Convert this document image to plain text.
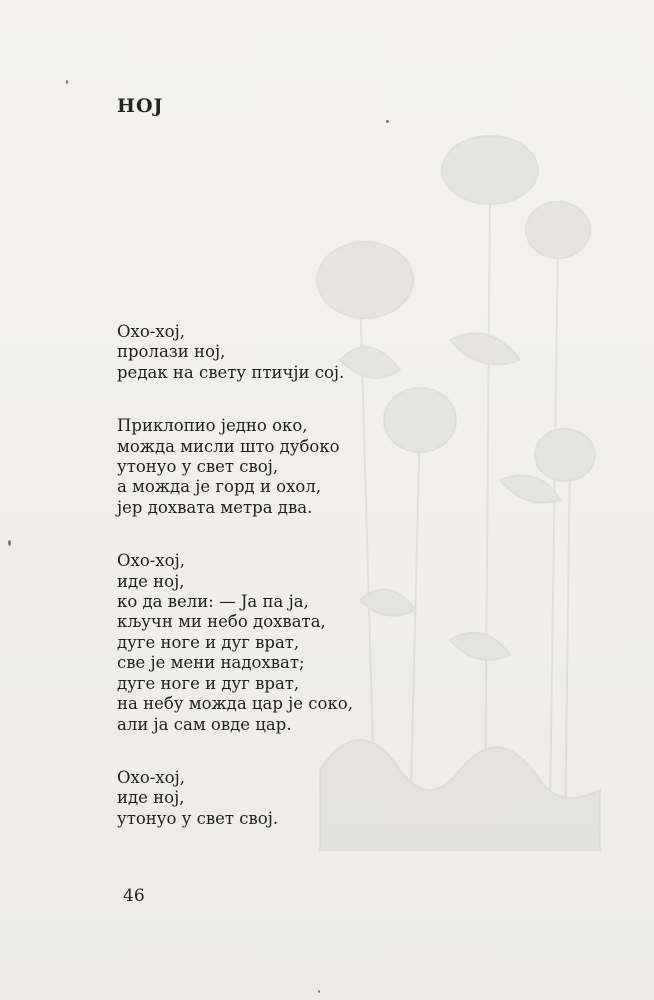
НОЈ

Охо-хој,
пролази ној,
редак на свету птичји сој.

Приклопио једно око,
можда мисли што дубоко
утонуо у свет свој,
а можда је горд и охол,
јер дохвата метра два.

Охо-хој,
иде ној,
ко да вели: — Ја па ја,
кључн ми небо дохвата,
дуге ноге и дуг врат,
све је мени надохват;
дуге ноге и дуг врат,
на небу можда цар је соко,
али ја сам овде цар.

Охо-хој,
иде ној,
утонуо у свет свој.

46
